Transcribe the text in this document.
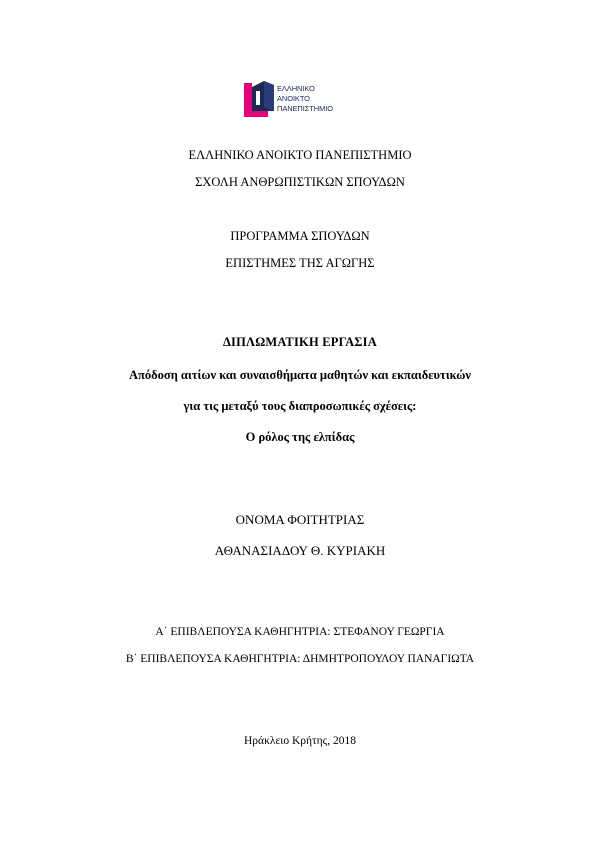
ΕΛΛΗΝΙΚΟ
ΑΝΟΙΚΤΟ
ΠΑΝΕΠΙΣΤΗΜΙΟ
ΕΛΛΗΝΙΚΟ ΑΝΟΙΚΤΟ ΠΑΝΕΠΙΣΤΗΜΙΟ
ΣΧΟΛΗ ΑΝΘΡΩΠΙΣΤΙΚΩΝ ΣΠΟΥΔΩΝ
ΠΡΟΓΡΑΜΜΑ ΣΠΟΥΔΩΝ
ΕΠΙΣΤΗΜΕΣ ΤΗΣ ΑΓΩΓΗΣ
ΔΙΠΛΩΜΑΤΙΚΗ ΕΡΓΑΣΙΑ
Απόδοση αιτίων και συναισθήματα μαθητών και εκπαιδευτικών
για τις μεταξύ τους διαπροσωπικές σχέσεις:
Ο ρόλος της ελπίδας
ΟΝΟΜΑ ΦΟΙΤΗΤΡΙΑΣ
ΑΘΑΝΑΣΙΑΔΟΥ Θ. ΚΥΡΙΑΚΗ
Α΄ ΕΠΙΒΛΕΠΟΥΣΑ ΚΑΘΗΓΗΤΡΙΑ: ΣΤΕΦΑΝΟΥ ΓΕΩΡΓΙΑ
Β΄ ΕΠΙΒΛΕΠΟΥΣΑ ΚΑΘΗΓΗΤΡΙΑ: ΔΗΜΗΤΡΟΠΟΥΛΟΥ ΠΑΝΑΓΙΩΤΑ
Ηράκλειο Κρήτης, 2018
